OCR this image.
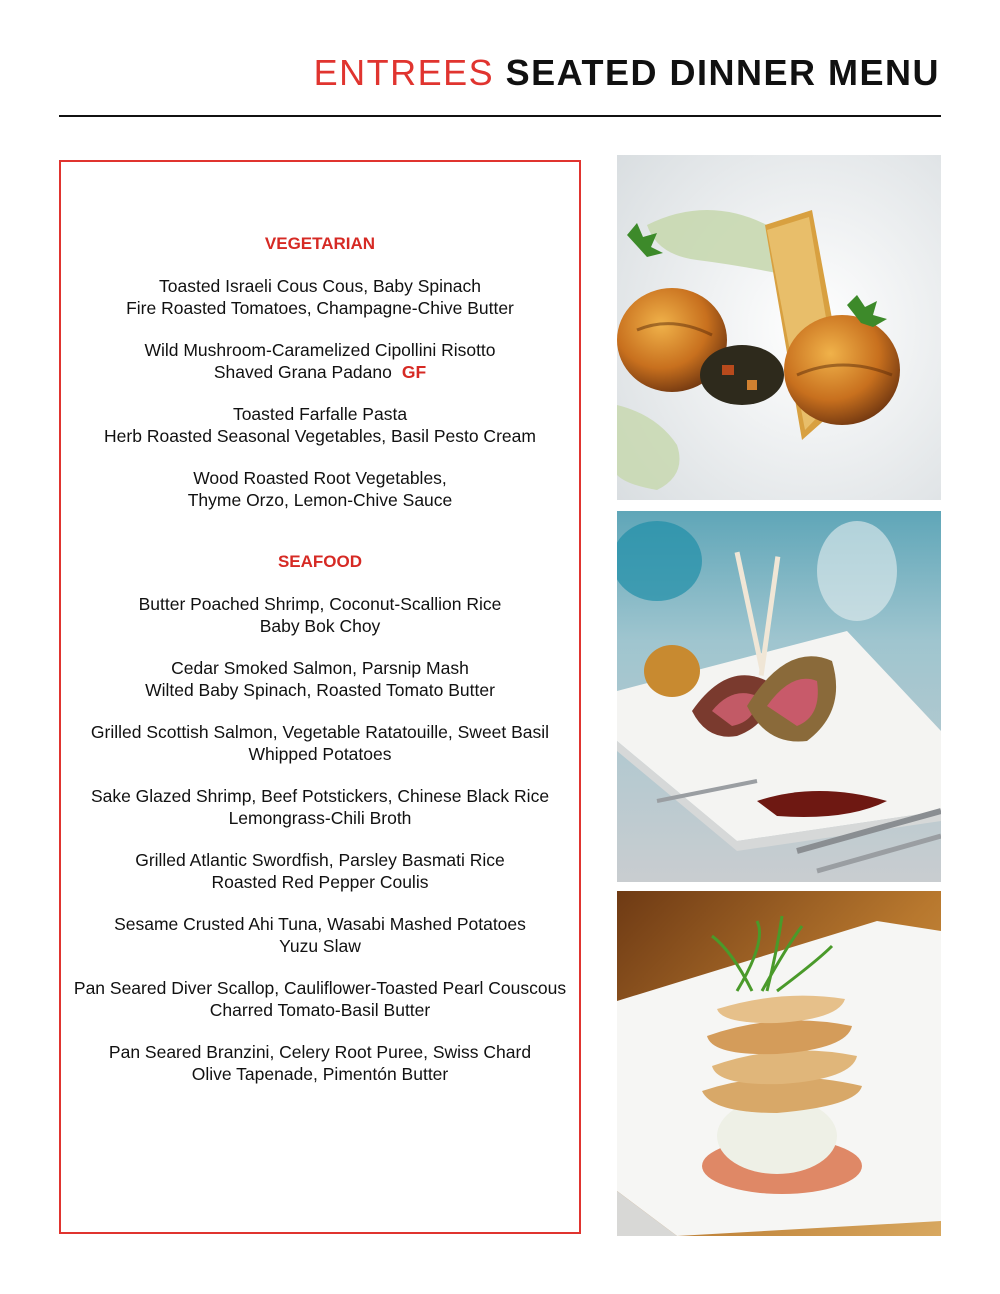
ENTREES SEATED DINNER MENU
VEGETARIAN

Toasted Israeli Cous Cous, Baby Spinach
Fire Roasted Tomatoes, Champagne-Chive Butter

Wild Mushroom-Caramelized Cipollini Risotto
Shaved Grana Padano GF

Toasted Farfalle Pasta
Herb Roasted Seasonal Vegetables, Basil Pesto Cream

Wood Roasted Root Vegetables,
Thyme Orzo, Lemon-Chive Sauce

SEAFOOD

Butter Poached Shrimp, Coconut-Scallion Rice
Baby Bok Choy

Cedar Smoked Salmon, Parsnip Mash
Wilted Baby Spinach, Roasted Tomato Butter

Grilled Scottish Salmon, Vegetable Ratatouille, Sweet Basil
Whipped Potatoes

Sake Glazed Shrimp, Beef Potstickers, Chinese Black Rice
Lemongrass-Chili Broth

Grilled Atlantic Swordfish, Parsley Basmati Rice
Roasted Red Pepper Coulis

Sesame Crusted Ahi Tuna, Wasabi Mashed Potatoes
Yuzu Slaw

Pan Seared Diver Scallop, Cauliflower-Toasted Pearl Couscous
Charred Tomato-Basil Butter

Pan Seared Branzini, Celery Root Puree, Swiss Chard
Olive Tapenade, Pimentón Butter
